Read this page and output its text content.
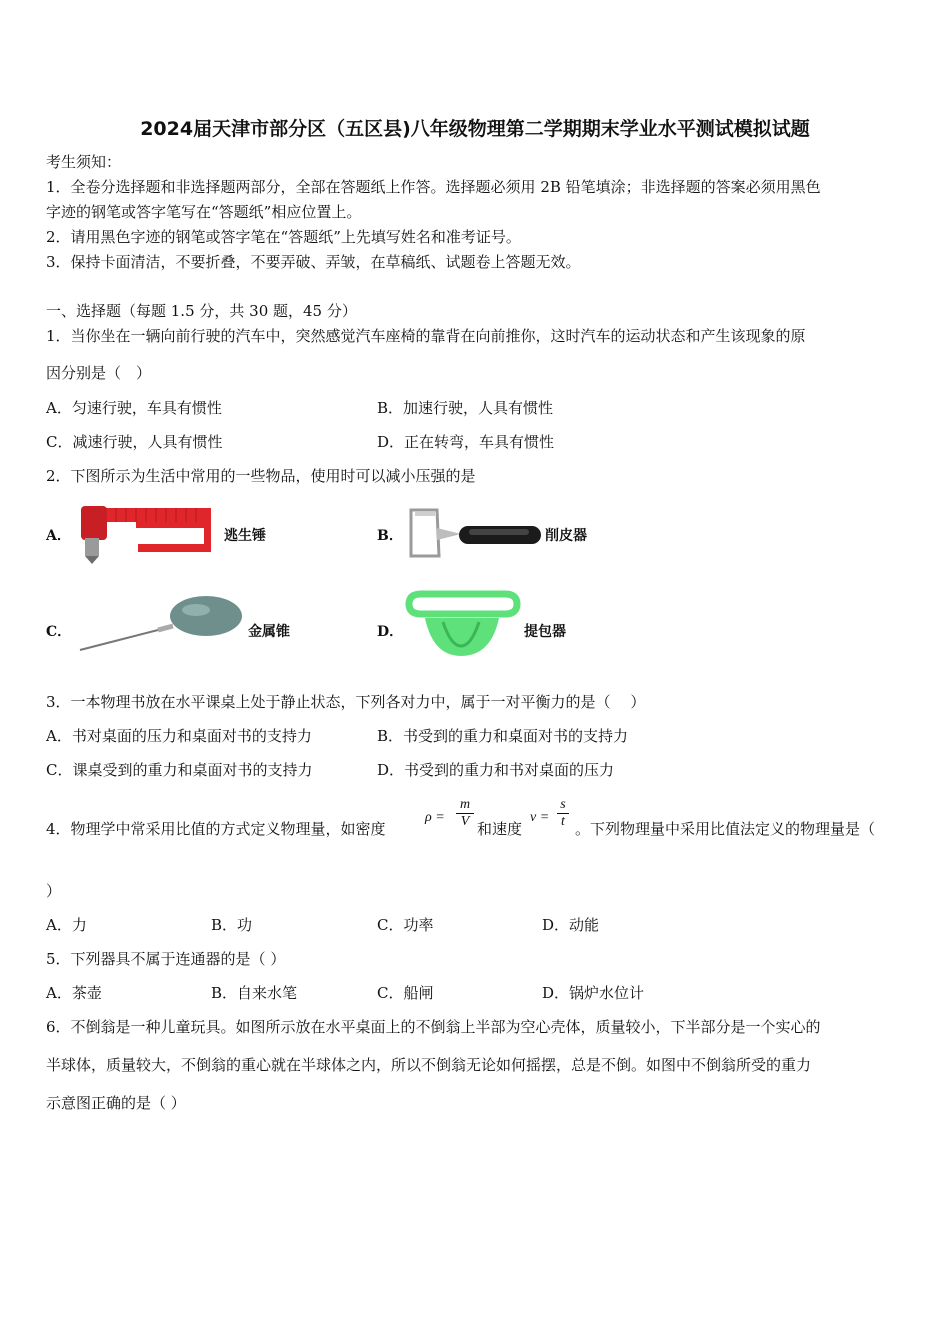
2024届天津市部分区（五区县)八年级物理第二学期期末学业水平测试模拟试题
考生须知：
1．全卷分选择题和非选择题两部分，全部在答题纸上作答。选择题必须用 2B 铅笔填涂；非选择题的答案必须用黑色
字迹的钢笔或答字笔写在“答题纸”相应位置上。
2．请用黑色字迹的钢笔或答字笔在“答题纸”上先填写姓名和准考证号。
3．保持卡面清洁，不要折叠，不要弄破、弄皱，在草稿纸、试题卷上答题无效。
一、选择题（每题 1.5 分，共 30 题，45 分）
1．当你坐在一辆向前行驶的汽车中，突然感觉汽车座椅的靠背在向前推你，这时汽车的运动状态和产生该现象的原
因分别是（　）
A．匀速行驶，车具有惯性	B．加速行驶，人具有惯性
C．减速行驶，人具有惯性	D．正在转弯，车具有惯性
2．下图所示为生活中常用的一些物品，使用时可以减小压强的是
A．	逃生锤	B．	削皮器
C．	金属锥	D．	提包器
3．一本物理书放在水平课桌上处于静止状态，下列各对力中，属于一对平衡力的是（　 ）
A．书对桌面的压力和桌面对书的支持力	B．书受到的重力和桌面对书的支持力
C．课桌受到的重力和桌面对书的支持力	D．书受到的重力和书对桌面的压力
4．物理学中常采用比值的方式定义物理量，如密度
ρ =
m
V 和速度
v =
s
t 。下列物理量中采用比值法定义的物理量是（
）
A．力	B．功	C．功率	D．动能
5．下列器具不属于连通器的是（ ）
A．茶壶	B．自来水笔	C．船闸	D．锅炉水位计
6．不倒翁是一种儿童玩具。如图所示放在水平桌面上的不倒翁上半部为空心壳体，质量较小，下半部分是一个实心的
半球体，质量较大，不倒翁的重心就在半球体之内，所以不倒翁无论如何摇摆，总是不倒。如图中不倒翁所受的重力
示意图正确的是（ ）
